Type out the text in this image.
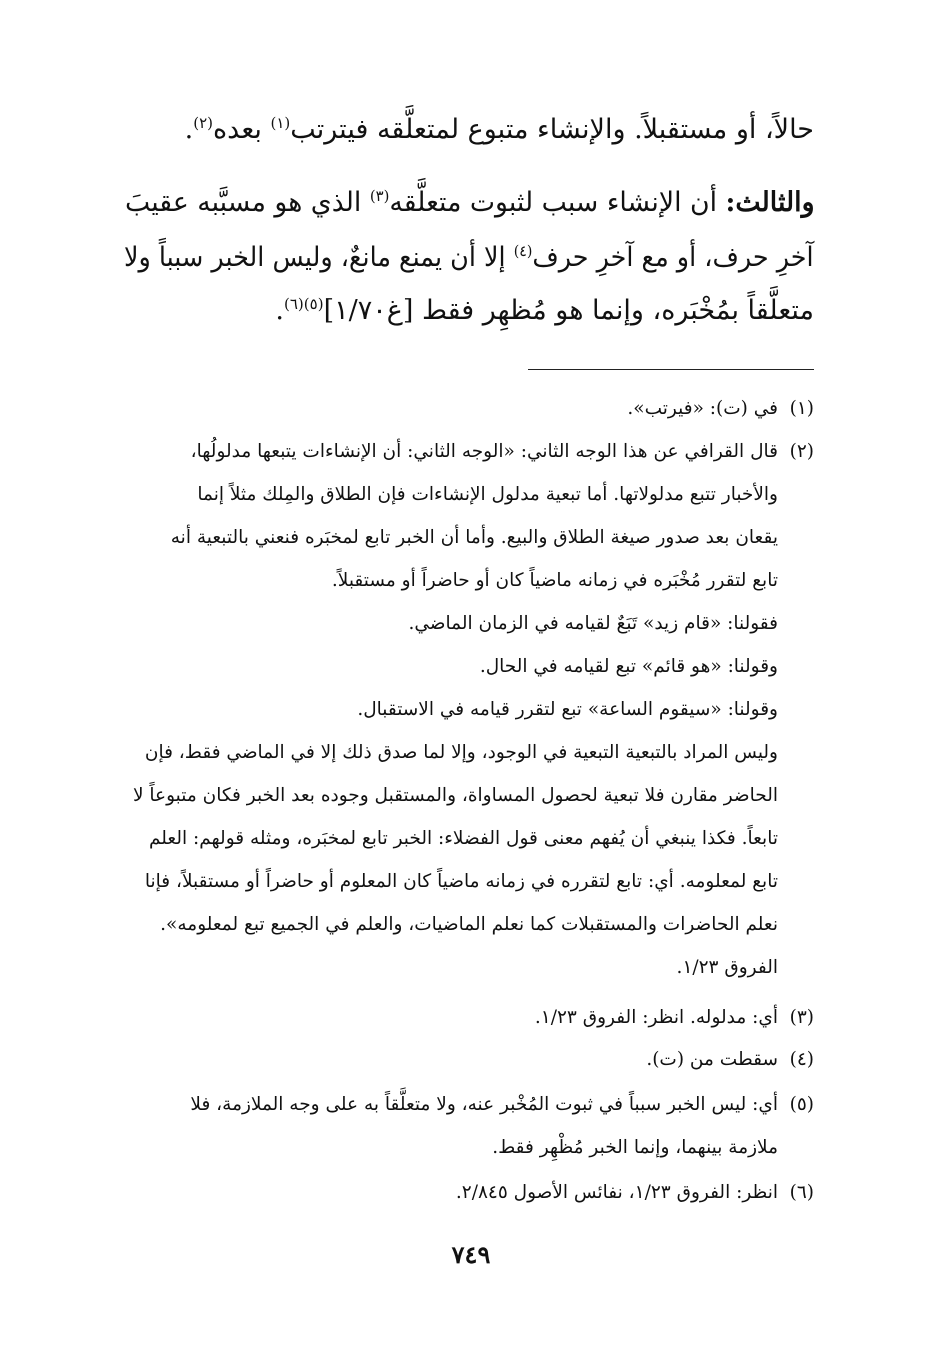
حالاً، أو مستقبلاً. والإنشاء متبوع لمتعلَّقه فيترتب$^{(١)}$ بعده$^{(٢)}$.
والثالث: أن الإنشاء سبب لثبوت متعلَّقه$^{(٣)}$ الذي هو مسبَّبه عقيبَ
آخرِ حرف، أو مع آخرِ حرف$^{(٤)}$ إلا أن يمنع مانعٌ، وليس الخبر سبباً ولا
متعلَّقاً بمُخْبَره، وإنما هو مُظهِر فقط [غ١/٧٠]$^{(٥)(٦)}$.
(١)في (ت): «فيرتب».
(٢)قال القرافي عن هذا الوجه الثاني: «الوجه الثاني: أن الإنشاءات يتبعها مدلولُها،
والأخبار تتبع مدلولاتها. أما تبعية مدلول الإنشاءات فإن الطلاق والمِلك مثلاً إنما
يقعان بعد صدور صيغة الطلاق والبيع. وأما أن الخبر تابع لمخبَره فنعني بالتبعية أنه
تابع لتقرر مُخْبَره في زمانه ماضياً كان أو حاضراً أو مستقبلاً.
فقولنا: «قام زيد» تَبَعٌ لقيامه في الزمان الماضي.
وقولنا: «هو قائم» تبع لقيامه في الحال.
وقولنا: «سيقوم الساعة» تبع لتقرر قيامه في الاستقبال.
وليس المراد بالتبعية التبعية في الوجود، وإلا لما صدق ذلك إلا في الماضي فقط، فإن
الحاضر مقارن فلا تبعية لحصول المساواة، والمستقبل وجوده بعد الخبر فكان متبوعاً لا
تابعاً. فكذا ينبغي أن يُفهم معنى قول الفضلاء: الخبر تابع لمخبَره، ومثله قولهم: العلم
تابع لمعلومه. أي: تابع لتقرره في زمانه ماضياً كان المعلوم أو حاضراً أو مستقبلاً، فإنا
نعلم الحاضرات والمستقبلات كما نعلم الماضيات، والعلم في الجميع تبع لمعلومه».
الفروق ١/٢٣.
(٣)أي: مدلوله. انظر: الفروق ١/٢٣.
(٤)سقطت من (ت).
(٥)أي: ليس الخبر سبباً في ثبوت المُخْبر عنه، ولا متعلَّقاً به على وجه الملازمة، فلا
ملازمة بينهما، وإنما الخبر مُظْهِر فقط.
(٦)انظر: الفروق ١/٢٣، نفائس الأصول ٢/٨٤٥.
٧٤٩
